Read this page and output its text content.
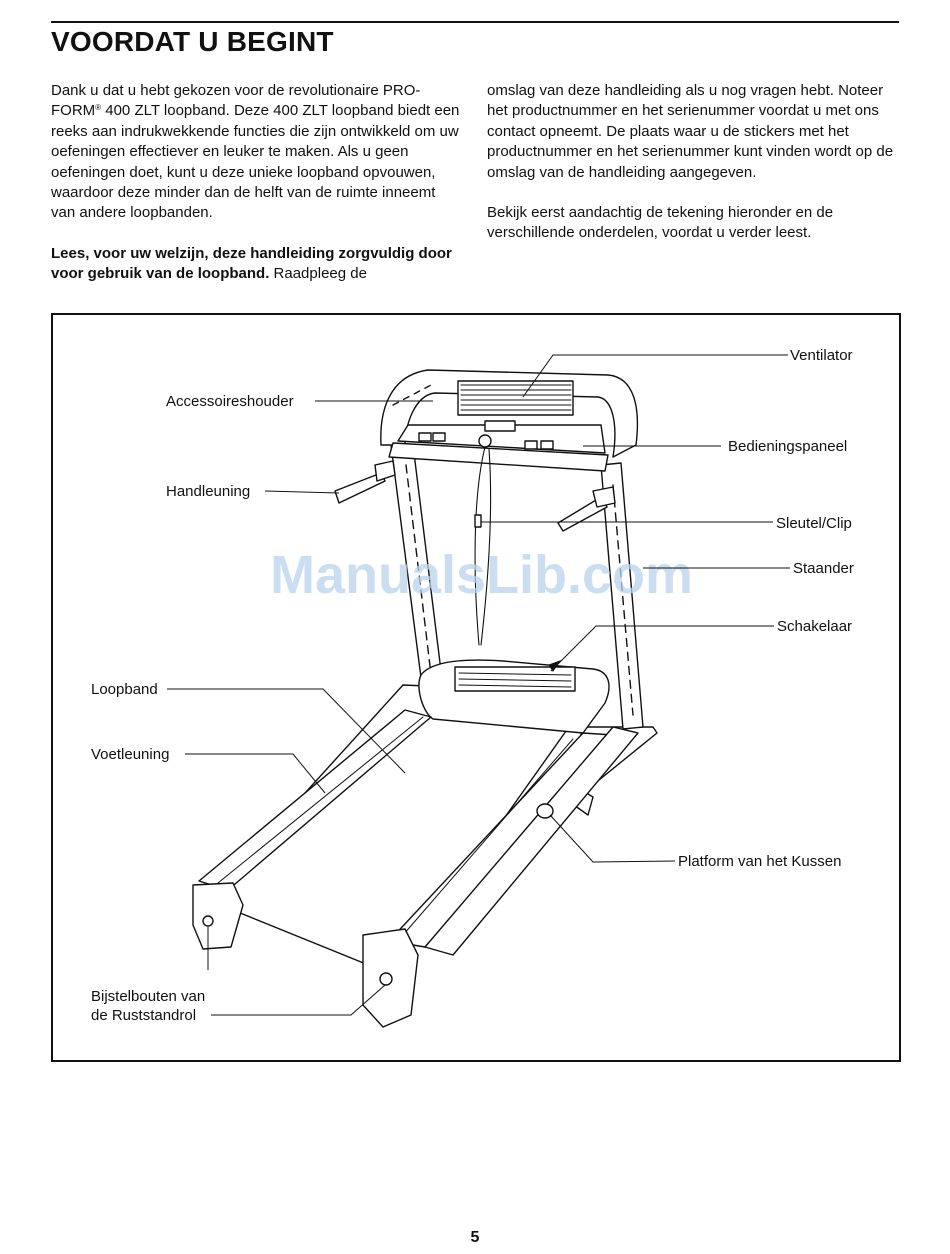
VOORDAT U BEGINT

Dank u dat u hebt gekozen voor de revolutionaire PRO-FORM® 400 ZLT loopband. Deze 400 ZLT loopband biedt een reeks aan indrukwekkende functies die zijn ontwikkeld om uw oefeningen effectiever en leuker te maken. Als u geen oefeningen doet, kunt u deze unieke loopband opvouwen, waardoor deze minder dan de helft van de ruimte inneemt van andere loopbanden.

Lees, voor uw welzijn, deze handleiding zorgvuldig door voor gebruik van de loopband. Raadpleeg de

omslag van deze handleiding als u nog vragen hebt. Noteer het productnummer en het serienummer voordat u met ons contact opneemt. De plaats waar u de stickers met het productnummer en het serienummer kunt vinden wordt op de omslag van de handleiding aangegeven.

Bekijk eerst aandachtig de tekening hieronder en de verschillende onderdelen, voordat u verder leest.

ManualsLib.com
Ventilator
Accessoireshouder
Bedieningspaneel
Handleuning
Sleutel/Clip
Staander
Schakelaar
Loopband
Voetleuning
Platform van het Kussen
Bijstelbouten van
de Ruststandrol
5
